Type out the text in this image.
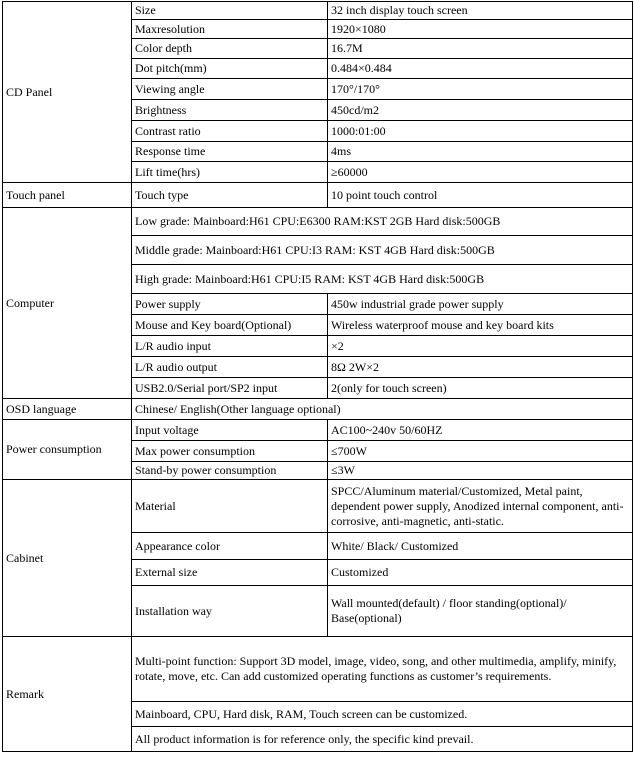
CD Panel	Size	32 inch display touch screen
	Maxresolution	1920×1080
	Color depth	16.7M
	Dot pitch(mm)	0.484×0.484
	Viewing angle	170°/170°
	Brightness	450cd/m2
	Contrast ratio	1000:01:00
	Response time	4ms
	Lift time(hrs)	≥60000
Touch panel	Touch type	10 point touch control
Computer	Low grade: Mainboard:H61 CPU:E6300 RAM:KST 2GB Hard disk:500GB	
	Middle grade: Mainboard:H61 CPU:I3 RAM: KST 4GB Hard disk:500GB	
	High grade: Mainboard:H61 CPU:I5 RAM: KST 4GB Hard disk:500GB	
	Power supply	450w industrial grade power supply
	Mouse and Key board(Optional)	Wireless waterproof mouse and key board kits
	L/R audio input	×2
	L/R audio output	8Ω 2W×2
	USB2.0/Serial port/SP2 input	2(only for touch screen)
OSD language	Chinese/ English(Other language optional)	
Power consumption	Input voltage	AC100~240v 50/60HZ
	Max power consumption	≤700W
	Stand-by power consumption	≤3W
Cabinet	Material	SPCC/Aluminum material/Customized, Metal paint, dependent power supply, Anodized internal component, anti-corrosive, anti-magnetic, anti-static.
	Appearance color	White/ Black/ Customized
	External size	Customized
	Installation way	Wall mounted(default) / floor standing(optional)/ Base(optional)
Remark	Multi-point function: Support 3D model, image, video, song, and other multimedia, amplify, minify, rotate, move, etc. Can add customized operating functions as customer’s requirements.	
	Mainboard, CPU, Hard disk, RAM, Touch screen can be customized.	
	All product information is for reference only, the specific kind prevail.	
